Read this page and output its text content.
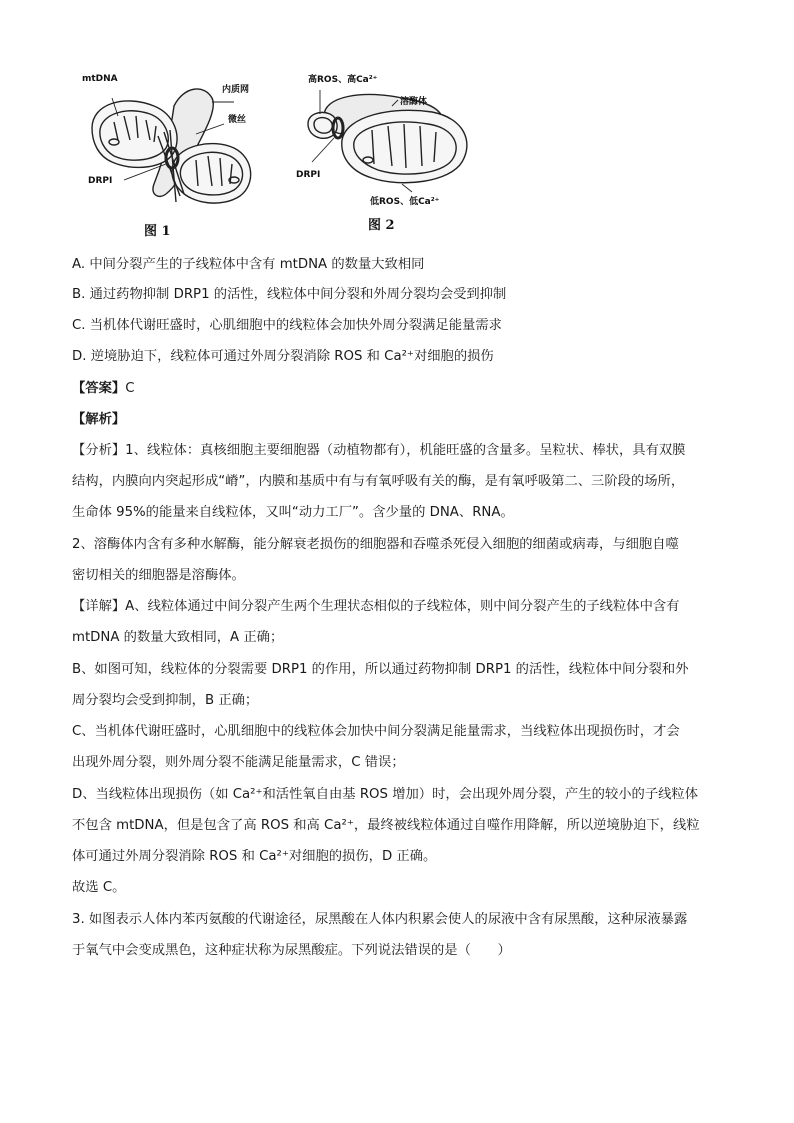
mtDNA
内质网
微丝
DRPI
图 1
高ROS、高Ca²⁺
溶酶体
DRPI
低ROS、低Ca²⁺
图 2
A. 中间分裂产生的子线粒体中含有 mtDNA 的数量大致相同
B. 通过药物抑制 DRP1 的活性，线粒体中间分裂和外周分裂均会受到抑制
C. 当机体代谢旺盛时，心肌细胞中的线粒体会加快外周分裂满足能量需求
D. 逆境胁迫下，线粒体可通过外周分裂消除 ROS 和 Ca²⁺对细胞的损伤
【答案】C
【解析】
【分析】1、线粒体：真核细胞主要细胞器（动植物都有），机能旺盛的含量多。呈粒状、棒状，具有双膜
结构，内膜向内突起形成“嵴”，内膜和基质中有与有氧呼吸有关的酶，是有氧呼吸第二、三阶段的场所，
生命体 95%的能量来自线粒体，又叫“动力工厂”。含少量的 DNA、RNA。
2、溶酶体内含有多种水解酶，能分解衰老损伤的细胞器和吞噬杀死侵入细胞的细菌或病毒，与细胞自噬
密切相关的细胞器是溶酶体。
【详解】A、线粒体通过中间分裂产生两个生理状态相似的子线粒体，则中间分裂产生的子线粒体中含有
mtDNA 的数量大致相同，A 正确；
B、如图可知，线粒体的分裂需要 DRP1 的作用，所以通过药物抑制 DRP1 的活性，线粒体中间分裂和外
周分裂均会受到抑制，B 正确；
C、当机体代谢旺盛时，心肌细胞中的线粒体会加快中间分裂满足能量需求，当线粒体出现损伤时，才会
出现外周分裂，则外周分裂不能满足能量需求，C 错误；
D、当线粒体出现损伤（如 Ca²⁺和活性氧自由基 ROS 增加）时，会出现外周分裂，产生的较小的子线粒体
不包含 mtDNA，但是包含了高 ROS 和高 Ca²⁺，最终被线粒体通过自噬作用降解，所以逆境胁迫下，线粒
体可通过外周分裂消除 ROS 和 Ca²⁺对细胞的损伤，D 正确。
故选 C。
3. 如图表示人体内苯丙氨酸的代谢途径，尿黑酸在人体内积累会使人的尿液中含有尿黑酸，这种尿液暴露
于氧气中会变成黑色，这种症状称为尿黑酸症。下列说法错误的是（　　）
